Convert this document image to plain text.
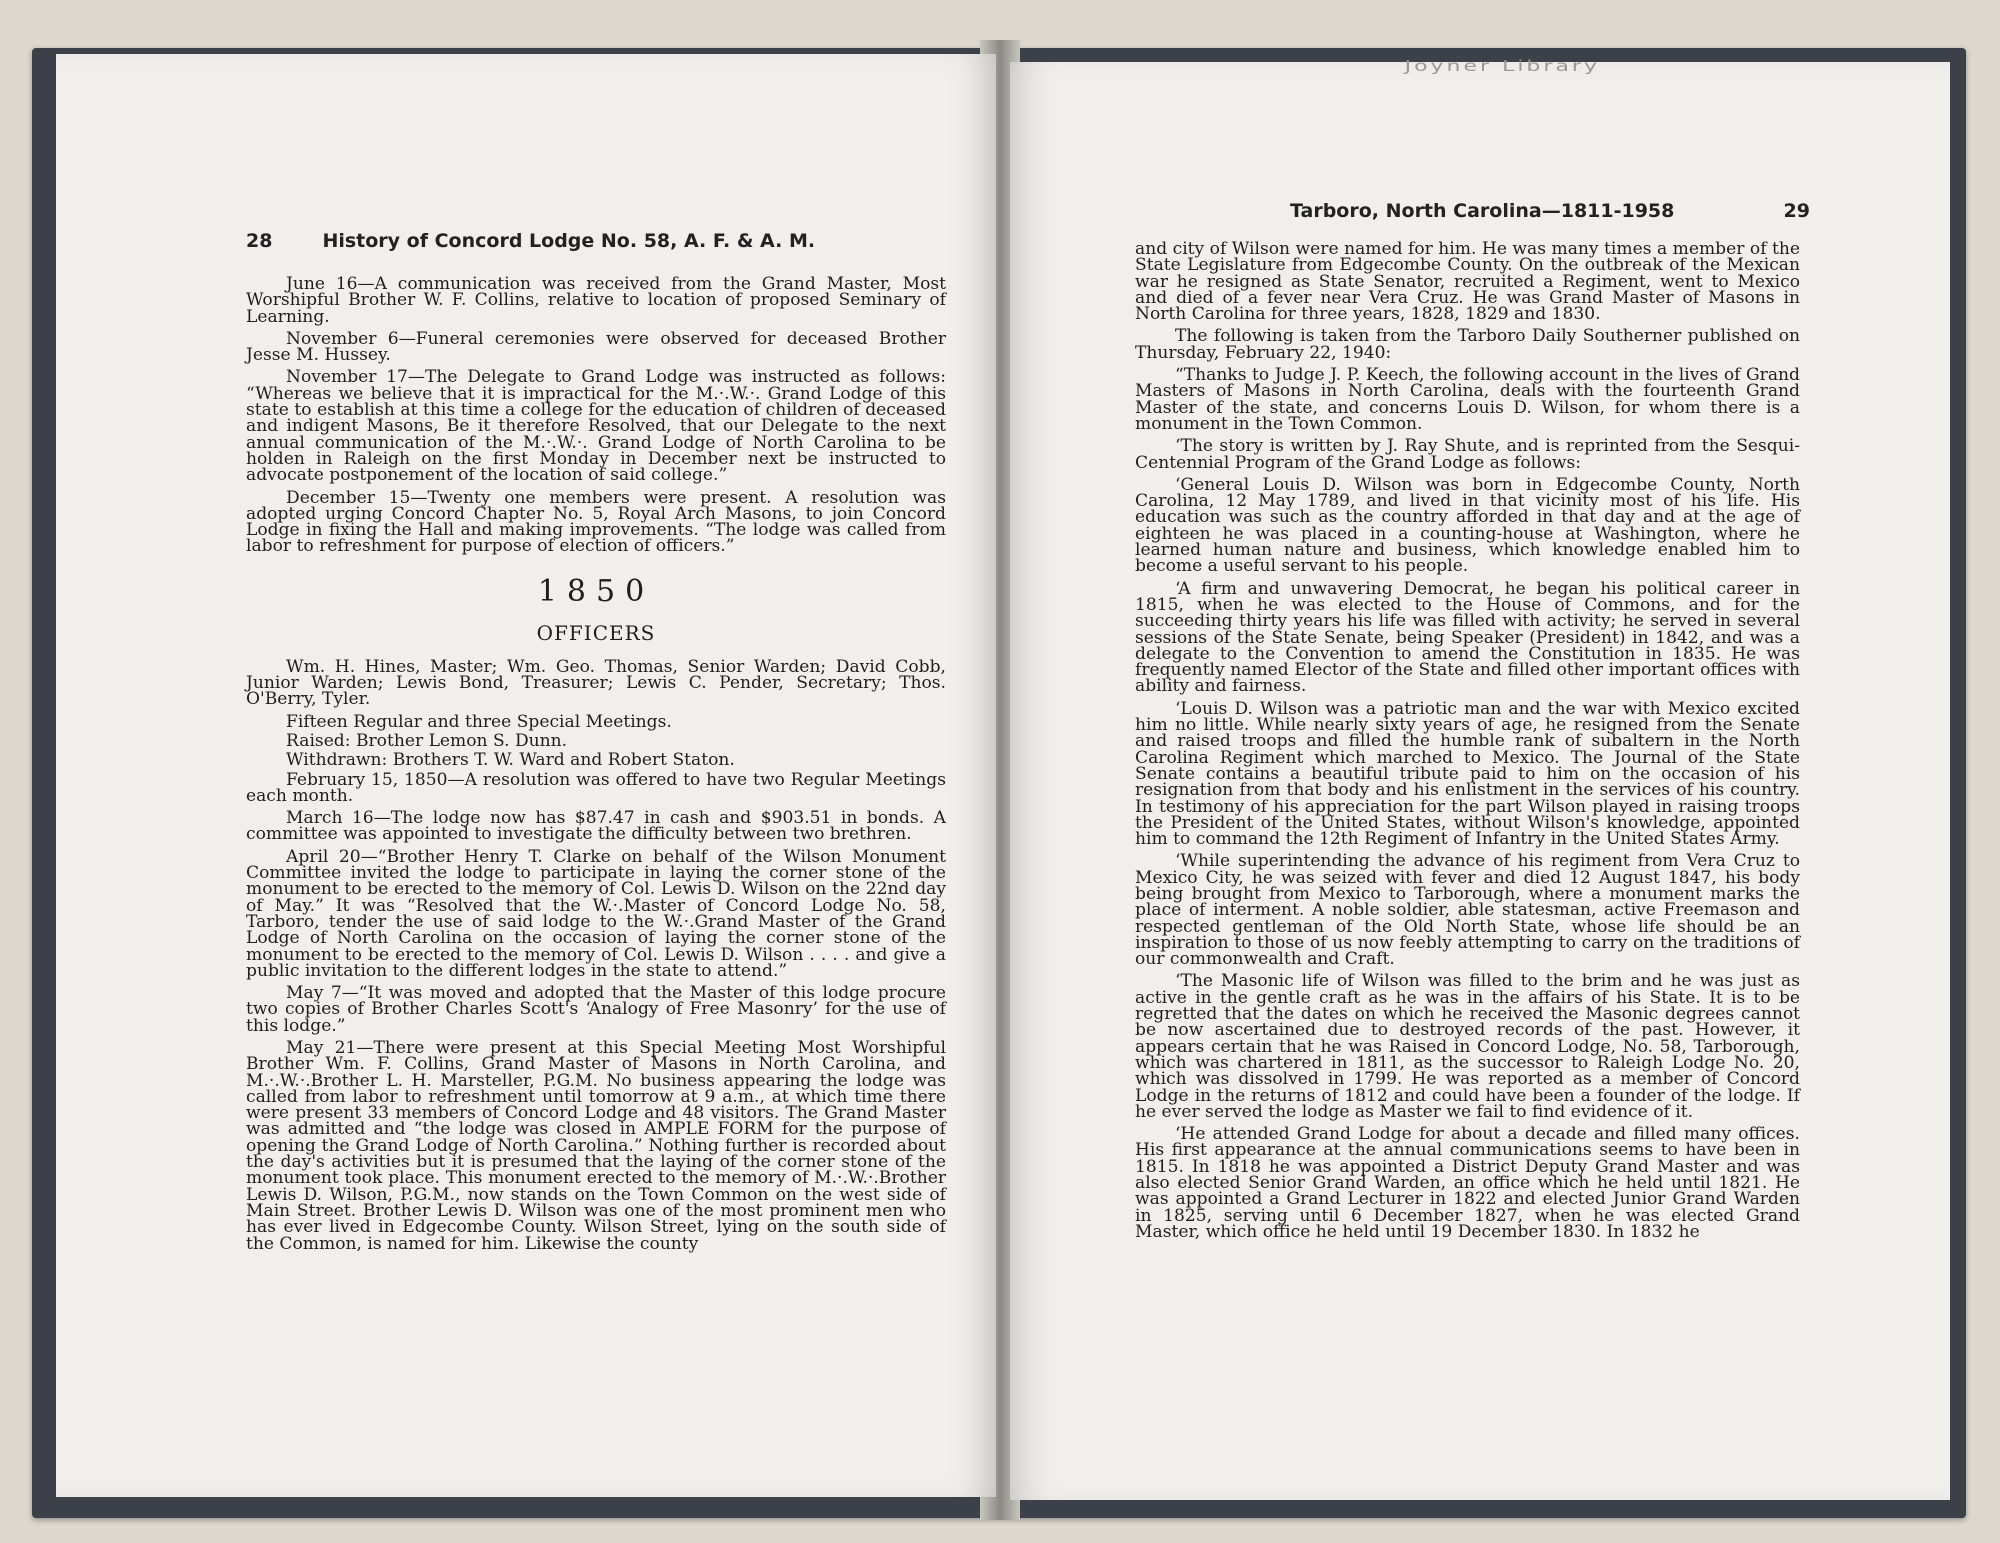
28	History of Concord Lodge No. 58, A. F. & A. M.

June 16—A communication was received from the Grand Master, Most Worshipful Brother W. F. Collins, relative to location of proposed Seminary of Learning.

November 6—Funeral ceremonies were observed for deceased Brother Jesse M. Hussey.

November 17—The Delegate to Grand Lodge was instructed as follows: “Whereas we believe that it is impractical for the M.·.W.·. Grand Lodge of this state to establish at this time a college for the education of children of deceased and indigent Masons, Be it therefore Resolved, that our Delegate to the next annual communication of the M.·.W.·. Grand Lodge of North Carolina to be holden in Raleigh on the first Monday in December next be instructed to advocate postponement of the location of said college.”

December 15—Twenty one members were present. A resolution was adopted urging Concord Chapter No. 5, Royal Arch Masons, to join Concord Lodge in fixing the Hall and making improvements. “The lodge was called from labor to refreshment for purpose of election of officers.”

1850
OFFICERS

Wm. H. Hines, Master; Wm. Geo. Thomas, Senior Warden; David Cobb, Junior Warden; Lewis Bond, Treasurer; Lewis C. Pender, Secretary; Thos. O'Berry, Tyler.

Fifteen Regular and three Special Meetings.

Raised: Brother Lemon S. Dunn.

Withdrawn: Brothers T. W. Ward and Robert Staton.

February 15, 1850—A resolution was offered to have two Regular Meetings each month.

March 16—The lodge now has $87.47 in cash and $903.51 in bonds. A committee was appointed to investigate the difficulty between two brethren.

April 20—“Brother Henry T. Clarke on behalf of the Wilson Monument Committee invited the lodge to participate in laying the corner stone of the monument to be erected to the memory of Col. Lewis D. Wilson on the 22nd day of May.” It was “Resolved that the W.·.Master of Concord Lodge No. 58, Tarboro, tender the use of said lodge to the W.·.Grand Master of the Grand Lodge of North Carolina on the occasion of laying the corner stone of the monument to be erected to the memory of Col. Lewis D. Wilson . . . . and give a public invitation to the different lodges in the state to attend.”

May 7—“It was moved and adopted that the Master of this lodge procure two copies of Brother Charles Scott's ‘Analogy of Free Masonry’ for the use of this lodge.”

May 21—There were present at this Special Meeting Most Worshipful Brother Wm. F. Collins, Grand Master of Masons in North Carolina, and M.·.W.·.Brother L. H. Marsteller, P.G.M. No business appearing the lodge was called from labor to refreshment until tomorrow at 9 a.m., at which time there were present 33 members of Concord Lodge and 48 visitors. The Grand Master was admitted and “the lodge was closed in AMPLE FORM for the purpose of opening the Grand Lodge of North Carolina.” Nothing further is recorded about the day's activities but it is presumed that the laying of the corner stone of the monument took place. This monument erected to the memory of M.·.W.·.Brother Lewis D. Wilson, P.G.M., now stands on the Town Common on the west side of Main Street. Brother Lewis D. Wilson was one of the most prominent men who has ever lived in Edgecombe County. Wilson Street, lying on the south side of the Common, is named for him. Likewise the county

Joyner Library
Tarboro, North Carolina—1811-1958	29

and city of Wilson were named for him. He was many times a member of the State Legislature from Edgecombe County. On the outbreak of the Mexican war he resigned as State Senator, recruited a Regiment, went to Mexico and died of a fever near Vera Cruz. He was Grand Master of Masons in North Carolina for three years, 1828, 1829 and 1830.

The following is taken from the Tarboro Daily Southerner published on Thursday, February 22, 1940:

“Thanks to Judge J. P. Keech, the following account in the lives of Grand Masters of Masons in North Carolina, deals with the fourteenth Grand Master of the state, and concerns Louis D. Wilson, for whom there is a monument in the Town Common.

‘The story is written by J. Ray Shute, and is reprinted from the Sesqui-Centennial Program of the Grand Lodge as follows:

‘General Louis D. Wilson was born in Edgecombe County, North Carolina, 12 May 1789, and lived in that vicinity most of his life. His education was such as the country afforded in that day and at the age of eighteen he was placed in a counting-house at Washington, where he learned human nature and business, which knowledge enabled him to become a useful servant to his people.

‘A firm and unwavering Democrat, he began his political career in 1815, when he was elected to the House of Commons, and for the succeeding thirty years his life was filled with activity; he served in several sessions of the State Senate, being Speaker (President) in 1842, and was a delegate to the Convention to amend the Constitution in 1835. He was frequently named Elector of the State and filled other important offices with ability and fairness.

‘Louis D. Wilson was a patriotic man and the war with Mexico excited him no little. While nearly sixty years of age, he resigned from the Senate and raised troops and filled the humble rank of subaltern in the North Carolina Regiment which marched to Mexico. The Journal of the State Senate contains a beautiful tribute paid to him on the occasion of his resignation from that body and his enlistment in the services of his country. In testimony of his appreciation for the part Wilson played in raising troops the President of the United States, without Wilson's knowledge, appointed him to command the 12th Regiment of Infantry in the United States Army.

‘While superintending the advance of his regiment from Vera Cruz to Mexico City, he was seized with fever and died 12 August 1847, his body being brought from Mexico to Tarborough, where a monument marks the place of interment. A noble soldier, able statesman, active Freemason and respected gentleman of the Old North State, whose life should be an inspiration to those of us now feebly attempting to carry on the traditions of our commonwealth and Craft.

‘The Masonic life of Wilson was filled to the brim and he was just as active in the gentle craft as he was in the affairs of his State. It is to be regretted that the dates on which he received the Masonic degrees cannot be now ascertained due to destroyed records of the past. However, it appears certain that he was Raised in Concord Lodge, No. 58, Tarborough, which was chartered in 1811, as the successor to Raleigh Lodge No. 20, which was dissolved in 1799. He was reported as a member of Concord Lodge in the returns of 1812 and could have been a founder of the lodge. If he ever served the lodge as Master we fail to find evidence of it.

‘He attended Grand Lodge for about a decade and filled many offices. His first appearance at the annual communications seems to have been in 1815. In 1818 he was appointed a District Deputy Grand Master and was also elected Senior Grand Warden, an office which he held until 1821. He was appointed a Grand Lecturer in 1822 and elected Junior Grand Warden in 1825, serving until 6 December 1827, when he was elected Grand Master, which office he held until 19 December 1830. In 1832 he
